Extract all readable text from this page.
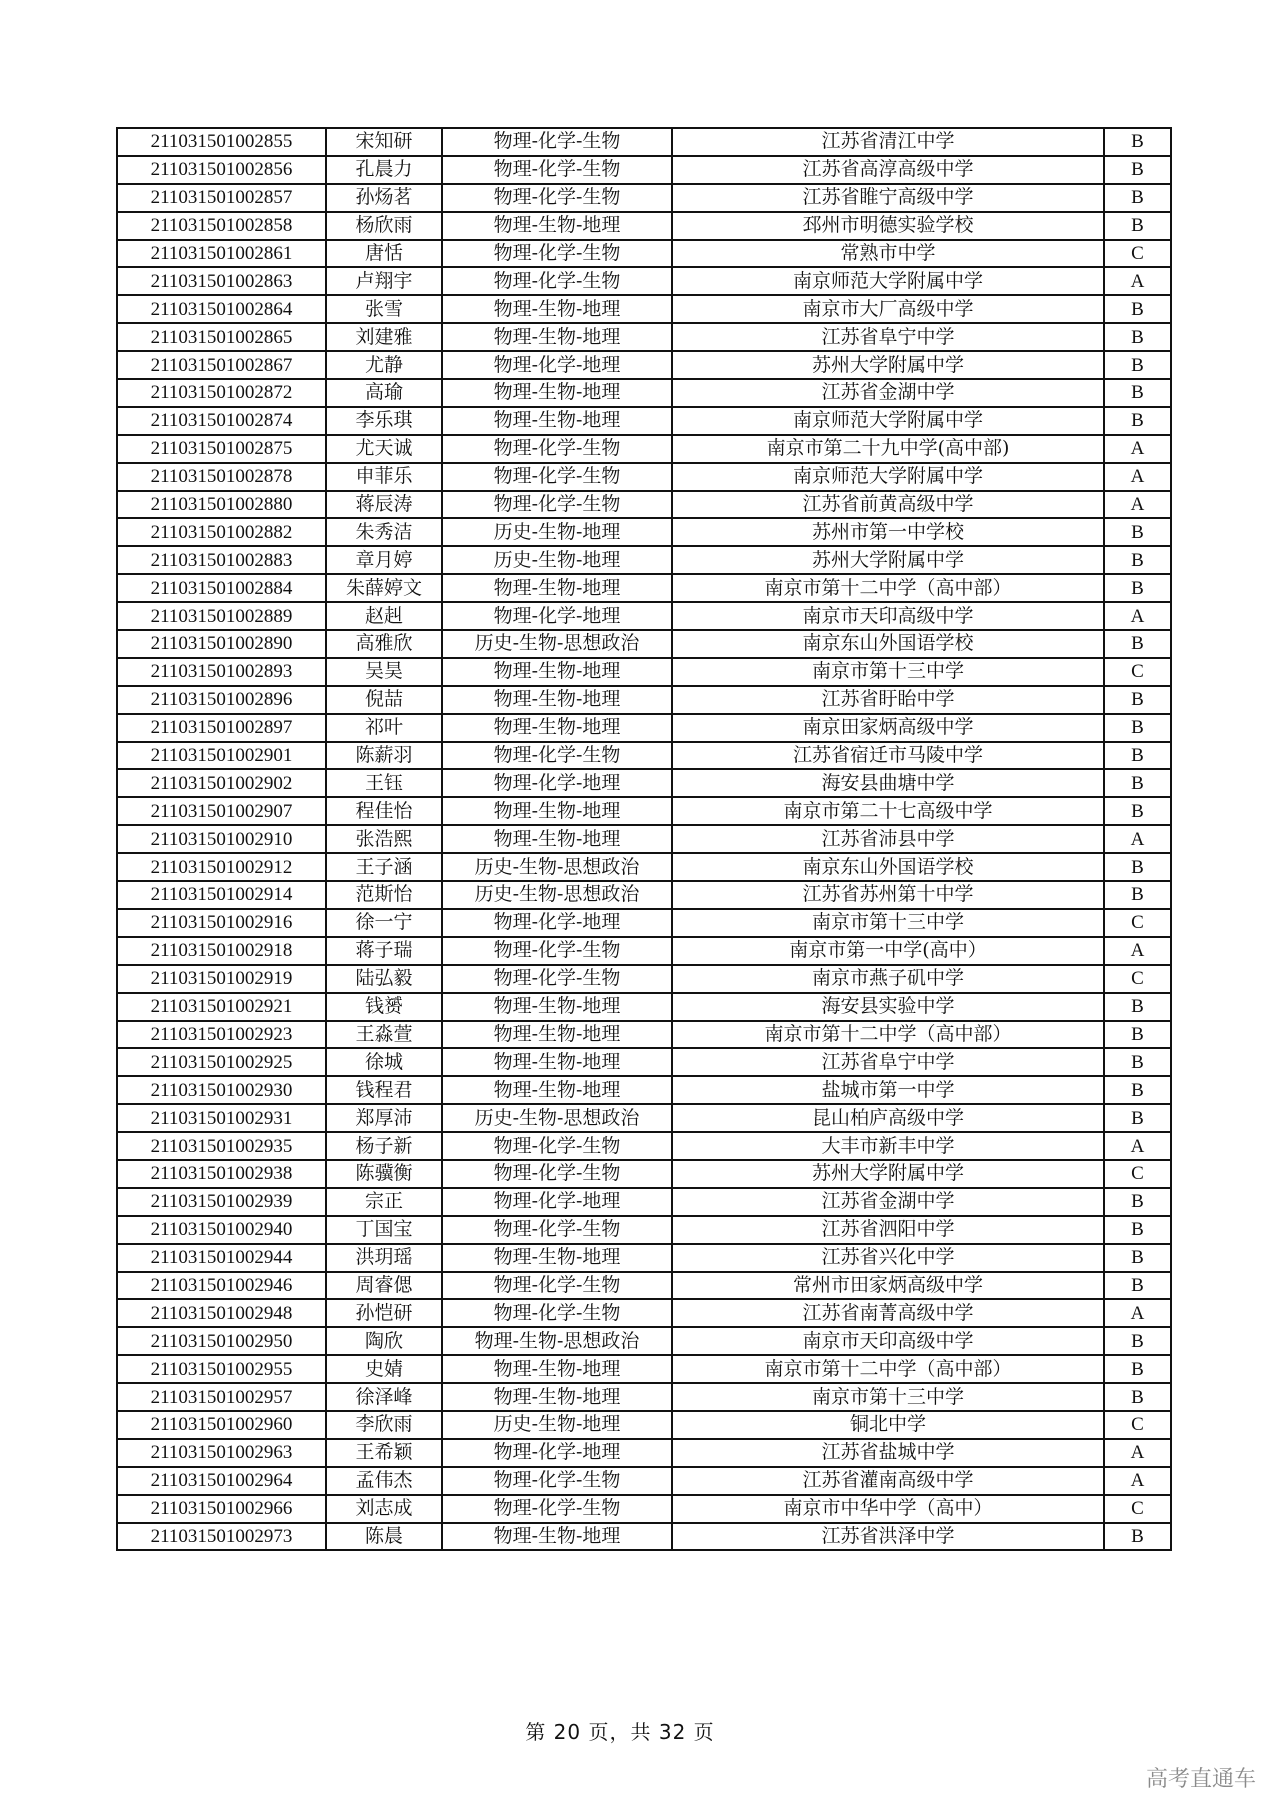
211031501002855	宋知研	物理-化学-生物	江苏省清江中学	B
211031501002856	孔晨力	物理-化学-生物	江苏省高淳高级中学	B
211031501002857	孙炀茗	物理-化学-生物	江苏省睢宁高级中学	B
211031501002858	杨欣雨	物理-生物-地理	邳州市明德实验学校	B
211031501002861	唐恬	物理-化学-生物	常熟市中学	C
211031501002863	卢翔宇	物理-化学-生物	南京师范大学附属中学	A
211031501002864	张雪	物理-生物-地理	南京市大厂高级中学	B
211031501002865	刘建雅	物理-生物-地理	江苏省阜宁中学	B
211031501002867	尤静	物理-化学-地理	苏州大学附属中学	B
211031501002872	高瑜	物理-生物-地理	江苏省金湖中学	B
211031501002874	李乐琪	物理-生物-地理	南京师范大学附属中学	B
211031501002875	尤天诚	物理-化学-生物	南京市第二十九中学(高中部)	A
211031501002878	申菲乐	物理-化学-生物	南京师范大学附属中学	A
211031501002880	蒋辰涛	物理-化学-生物	江苏省前黄高级中学	A
211031501002882	朱秀洁	历史-生物-地理	苏州市第一中学校	B
211031501002883	章月婷	历史-生物-地理	苏州大学附属中学	B
211031501002884	朱薛婷文	物理-生物-地理	南京市第十二中学（高中部）	B
211031501002889	赵赳	物理-化学-地理	南京市天印高级中学	A
211031501002890	高雅欣	历史-生物-思想政治	南京东山外国语学校	B
211031501002893	吴昊	物理-生物-地理	南京市第十三中学	C
211031501002896	倪喆	物理-生物-地理	江苏省盱眙中学	B
211031501002897	祁叶	物理-生物-地理	南京田家炳高级中学	B
211031501002901	陈薪羽	物理-化学-生物	江苏省宿迁市马陵中学	B
211031501002902	王钰	物理-化学-地理	海安县曲塘中学	B
211031501002907	程佳怡	物理-生物-地理	南京市第二十七高级中学	B
211031501002910	张浩熙	物理-生物-地理	江苏省沛县中学	A
211031501002912	王子涵	历史-生物-思想政治	南京东山外国语学校	B
211031501002914	范斯怡	历史-生物-思想政治	江苏省苏州第十中学	B
211031501002916	徐一宁	物理-化学-地理	南京市第十三中学	C
211031501002918	蒋子瑞	物理-化学-生物	南京市第一中学(高中）	A
211031501002919	陆弘毅	物理-化学-生物	南京市燕子矶中学	C
211031501002921	钱赟	物理-生物-地理	海安县实验中学	B
211031501002923	王淼萱	物理-生物-地理	南京市第十二中学（高中部）	B
211031501002925	徐城	物理-生物-地理	江苏省阜宁中学	B
211031501002930	钱程君	物理-生物-地理	盐城市第一中学	B
211031501002931	郑厚沛	历史-生物-思想政治	昆山柏庐高级中学	B
211031501002935	杨子新	物理-化学-生物	大丰市新丰中学	A
211031501002938	陈骥衡	物理-化学-生物	苏州大学附属中学	C
211031501002939	宗正	物理-化学-地理	江苏省金湖中学	B
211031501002940	丁国宝	物理-化学-生物	江苏省泗阳中学	B
211031501002944	洪玥瑶	物理-生物-地理	江苏省兴化中学	B
211031501002946	周睿偲	物理-化学-生物	常州市田家炳高级中学	B
211031501002948	孙恺研	物理-化学-生物	江苏省南菁高级中学	A
211031501002950	陶欣	物理-生物-思想政治	南京市天印高级中学	B
211031501002955	史婧	物理-生物-地理	南京市第十二中学（高中部）	B
211031501002957	徐泽峰	物理-生物-地理	南京市第十三中学	B
211031501002960	李欣雨	历史-生物-地理	铜北中学	C
211031501002963	王希颖	物理-化学-地理	江苏省盐城中学	A
211031501002964	孟伟杰	物理-化学-生物	江苏省灌南高级中学	A
211031501002966	刘志成	物理-化学-生物	南京市中华中学（高中）	C
211031501002973	陈晨	物理-生物-地理	江苏省洪泽中学	B
第 20 页，共 32 页
高考直通车
